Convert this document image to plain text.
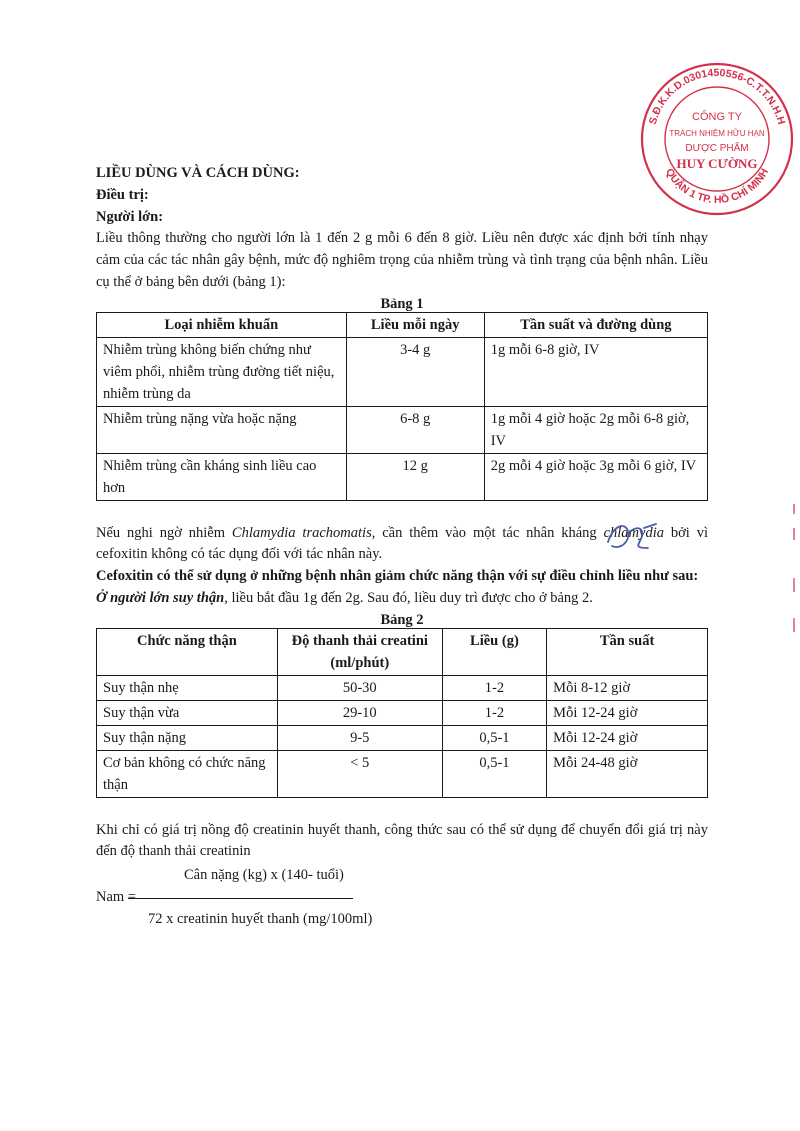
S.Đ.K.K.D.0301450556-C.T.T.N.H.H
QUẬN 1 TP. HỒ CHÍ MINH
CÔNG TY
TRÁCH NHIỆM HỮU HẠN
DƯỢC PHẨM
HUY CƯỜNG

LIỀU DÙNG VÀ CÁCH DÙNG:

Điều trị:

Người lớn:

Liều thông thường cho người lớn là 1 đến 2 g mỗi 6 đến 8 giờ. Liều nên được xác định bởi tính nhạy cảm của các tác nhân gây bệnh, mức độ nghiêm trọng của nhiễm trùng và tình trạng của bệnh nhân. Liều cụ thể ở bảng bên dưới (bảng 1):

Bảng 1

Loại nhiễm khuẩn	Liều mỗi ngày	Tần suất và đường dùng
Nhiễm trùng không biến chứng như viêm phổi, nhiễm trùng đường tiết niệu, nhiễm trùng da	3-4 g	1g mỗi 6-8 giờ, IV
Nhiễm trùng nặng vừa hoặc nặng	6-8 g	1g mỗi 4 giờ hoặc 2g mỗi 6-8 giờ, IV
Nhiễm trùng cần kháng sinh liều cao hơn	12 g	2g mỗi 4 giờ hoặc 3g mỗi 6 giờ, IV

Nếu nghi ngờ nhiễm Chlamydia trachomatis, cần thêm vào một tác nhân kháng chlamydia bởi vì cefoxitin không có tác dụng đối với tác nhân này.

Cefoxitin có thể sử dụng ở những bệnh nhân giảm chức năng thận với sự điều chỉnh liều như sau:

Ở người lớn suy thận, liều bắt đầu 1g đến 2g. Sau đó, liều duy trì được cho ở bảng 2.

Bảng 2

Chức năng thận	Độ thanh thải creatini (ml/phút)	Liều (g)	Tần suất
Suy thận nhẹ	50-30	1-2	Mỗi 8-12 giờ
Suy thận vừa	29-10	1-2	Mỗi 12-24 giờ
Suy thận nặng	9-5	0,5-1	Mỗi 12-24 giờ
Cơ bản không có chức năng thận	< 5	0,5-1	Mỗi 24-48 giờ

Khi chỉ có giá trị nồng độ creatinin huyết thanh, công thức sau có thể sử dụng để chuyển đổi giá trị này đến độ thanh thải creatinin

Cân nặng (kg) x (140- tuổi)
Nam =
72 x creatinin huyết thanh (mg/100ml)
